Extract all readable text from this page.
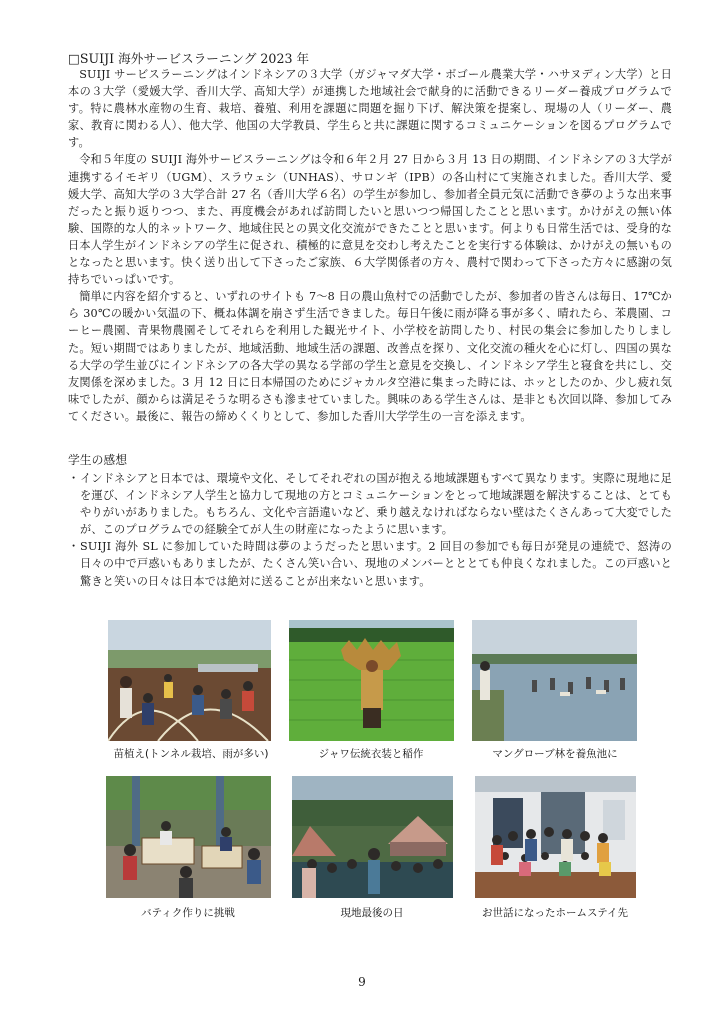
□SUIJI 海外サービスラーニング 2023 年

SUIJI サービスラーニングはインドネシアの３大学（ガジャマダ大学・ボゴール農業大学・ハサヌディン大学）と日本の３大学（愛媛大学、香川大学、高知大学）が連携した地域社会で献身的に活動できるリーダー養成プログラムです。特に農林水産物の生育、栽培、養殖、利用を課題に問題を掘り下げ、解決策を提案し、現場の人（リーダー、農家、教育に関わる人）、他大学、他国の大学教員、学生らと共に課題に関するコミュニケーションを図るプログラムです。

令和５年度の SUIJI 海外サービスラーニングは令和６年２月 27 日から３月 13 日の期間、インドネシアの３大学が連携するイモギリ（UGM）、スラウェシ（UNHAS）、サロンギ（IPB）の各山村にて実施されました。香川大学、愛媛大学、高知大学の３大学合計 27 名（香川大学６名）の学生が参加し、参加者全員元気に活動でき夢のような出来事だったと振り返りつつ、また、再度機会があれば訪問したいと思いつつ帰国したことと思います。かけがえの無い体験、国際的な人的ネットワーク、地域住民との異文化交流ができたことと思います。何よりも日常生活では、受身的な日本人学生がインドネシアの学生に促され、積極的に意見を交わし考えたことを実行する体験は、かけがえの無いものとなったと思います。快く送り出して下さったご家族、６大学関係者の方々、農村で関わって下さった方々に感謝の気持ちでいっぱいです。

簡単に内容を紹介すると、いずれのサイトも 7〜8 日の農山魚村での活動でしたが、参加者の皆さんは毎日、17℃から 30℃の暖かい気温の下、概ね体調を崩さず生活できました。毎日午後に雨が降る事が多く、晴れたら、苯農園、コーヒー農園、青果物農園そしてそれらを利用した観光サイト、小学校を訪問したり、村民の集会に参加したりしました。短い期間ではありましたが、地域活動、地域生活の課題、改善点を探り、文化交流の種火を心に灯し、四国の異なる大学の学生並びにインドネシアの各大学の異なる学部の学生と意見を交換し、インドネシア学生と寝食を共にし、交友関係を深めました。3 月 12 日に日本帰国のためにジャカルタ空港に集まった時には、ホッとしたのか、少し疲れ気味でしたが、顔からは満足そうな明るさも滲ませていました。興味のある学生さんは、是非とも次回以降、参加してみてください。最後に、報告の締めくくりとして、参加した香川大学学生の一言を添えます。

学生の感想

・ インドネシアと日本では、環境や文化、そしてそれぞれの国が抱える地域課題もすべて異なります。実際に現地に足を運び、インドネシア人学生と協力して現地の方とコミュニケーションをとって地域課題を解決することは、とてもやりがいがありました。もちろん、文化や言語違いなど、乗り越えなければならない壁はたくさんあって大変でしたが、このプログラムでの経験全てが人生の財産になったように思います。

・ SUIJI 海外 SL に参加していた時間は夢のようだったと思います。2 回目の参加でも毎日が発見の連続で、怒涛の日々の中で戸惑いもありましたが、たくさん笑い合い、現地のメンバーとととても仲良くなれました。この戸惑いと驚きと笑いの日々は日本では絶対に送ることが出来ないと思います。

苗植え(トンネル栽培、雨が多い)	ジャワ伝統衣装と稲作	マングローブ林を養魚池に
バティク作りに挑戦	現地最後の日	お世話になったホームステイ先
9
